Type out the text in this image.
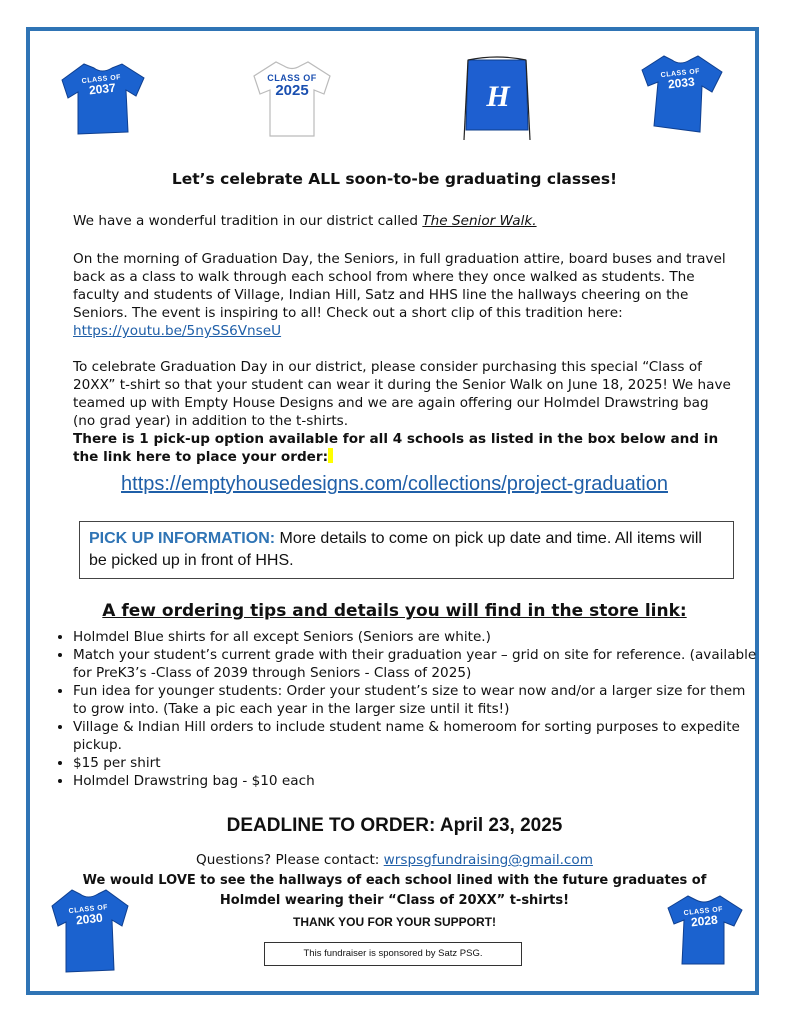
CLASS OF
2037
CLASS OF
2025	H
CLASS OF
2033
Let’s celebrate ALL soon-to-be graduating classes!
We have a wonderful tradition in our district called The Senior Walk.
On the morning of Graduation Day, the Seniors, in full graduation attire, board buses and travel back as a class to walk through each school from where they once walked as students. The faculty and students of Village, Indian Hill, Satz and HHS line the hallways cheering on the Seniors. The event is inspiring to all! Check out a short clip of this tradition here: https://youtu.be/5nySS6VnseU
To celebrate Graduation Day in our district, please consider purchasing this special “Class of 20XX” t-shirt so that your student can wear it during the Senior Walk on June 18, 2025! We have teamed up with Empty House Designs and we are again offering our Holmdel Drawstring bag (no grad year) in addition to the t-shirts.
There is 1 pick-up option available for all 4 schools as listed in the box below and in the link here to place your order:
https://emptyhousedesigns.com/collections/project-graduation
PICK UP INFORMATION: More details to come on pick up date and time. All items will be picked up in front of HHS.
A few ordering tips and details you will find in the store link:
• Holmdel Blue shirts for all except Seniors (Seniors are white.)
• Match your student’s current grade with their graduation year – grid on site for reference. (available for PreK3’s -Class of 2039 through Seniors - Class of 2025)
• Fun idea for younger students: Order your student’s size to wear now and/or a larger size for them to grow into. (Take a pic each year in the larger size until it fits!)
• Village & Indian Hill orders to include student name & homeroom for sorting purposes to expedite pickup.
• $15 per shirt
• Holmdel Drawstring bag - $10 each
DEADLINE TO ORDER: April 23, 2025
Questions? Please contact: wrspsgfundraising@gmail.com
We would LOVE to see the hallways of each school lined with the future graduates of
Holmdel wearing their “Class of 20XX” t-shirts!
THANK YOU FOR YOUR SUPPORT!
This fundraiser is sponsored by Satz PSG.
CLASS OF
2030	CLASS OF
2028
